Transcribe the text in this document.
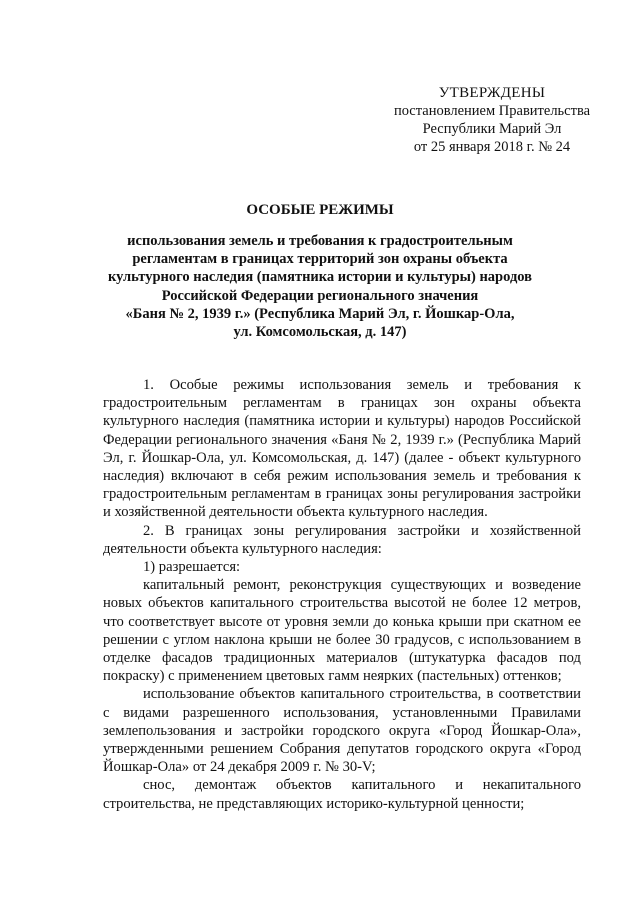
УТВЕРЖДЕНЫ
постановлением Правительства
Республики Марий Эл
от 25 января 2018 г. № 24
ОСОБЫЕ РЕЖИМЫ
использования земель и требования к градостроительным
регламентам в границах территорий зон охраны объекта
культурного наследия (памятника истории и культуры) народов
Российской Федерации регионального значения
«Баня № 2, 1939 г.» (Республика Марий Эл, г. Йошкар-Ола,
ул. Комсомольская, д. 147)

1. Особые режимы использования земель и требования к градостроительным регламентам в границах зон охраны объекта культурного наследия (памятника истории и культуры) народов Российской Федерации регионального значения «Баня № 2, 1939 г.» (Республика Марий Эл, г. Йошкар-Ола, ул. Комсомольская, д. 147) (далее - объект культурного наследия) включают в себя режим использования земель и требования к градостроительным регламентам в границах зоны регулирования застройки и хозяйственной деятельности объекта культурного наследия.

2. В границах зоны регулирования застройки и хозяйственной деятельности объекта культурного наследия:

1) разрешается:

капитальный ремонт, реконструкция существующих и возведение новых объектов капитального строительства высотой не более 12 метров, что соответствует высоте от уровня земли до конька крыши при скатном ее решении с углом наклона крыши не более 30 градусов, с использованием в отделке фасадов традиционных материалов (штукатурка фасадов под покраску) с применением цветовых гамм неярких (пастельных) оттенков;

использование объектов капитального строительства, в соответствии с видами разрешенного использования, установленными Правилами землепользования и застройки городского округа «Город Йошкар-Ола», утвержденными решением Собрания депутатов городского округа «Город Йошкар-Ола» от 24 декабря 2009 г. № 30-V;

снос, демонтаж объектов капитального и некапитального строительства, не представляющих историко-культурной ценности;
